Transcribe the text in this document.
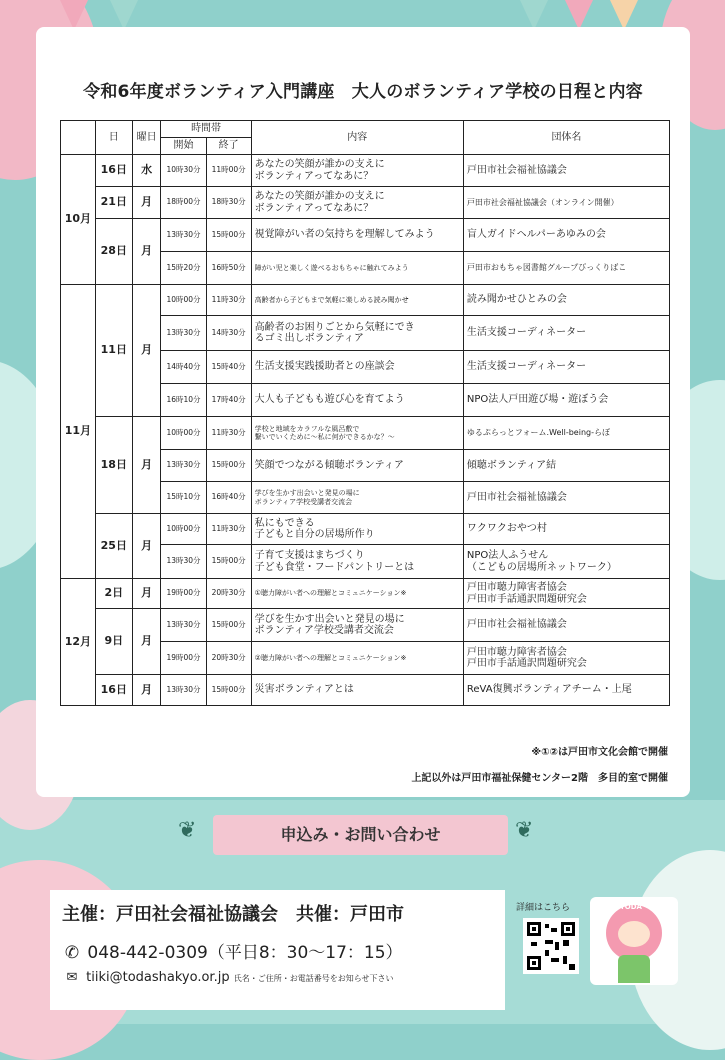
令和6年度ボランティア入門講座　大人のボランティア学校の日程と内容
	日	曜日	時間帯		内容	団体名
			開始	終了		
10月	16日	水	10時30分	11時00分	あなたの笑顔が誰かの支えに
ボランティアってなあに？	戸田市社会福祉協議会
	21日	月	18時00分	18時30分	あなたの笑顔が誰かの支えに
ボランティアってなあに？	戸田市社会福祉協議会（オンライン開催）
	28日	月	13時30分	15時00分	視覚障がい者の気持ちを理解してみよう	盲人ガイドヘルパーあゆみの会
			15時20分	16時50分	障がい児と楽しく遊べるおもちゃに触れてみよう	戸田市おもちゃ図書館グループびっくりばこ
11月	11日	月	10時00分	11時30分	高齢者から子どもまで気軽に楽しめる読み聞かせ	読み聞かせひとみの会
			13時30分	14時30分	高齢者のお困りごとから気軽にでき
るゴミ出しボランティア	生活支援コーディネーター
			14時40分	15時40分	生活支援実践援助者との座談会	生活支援コーディネーター
			16時10分	17時40分	大人も子どもも遊び心を育てよう	NPO法人戸田遊び場・遊ぼう会
	18日	月	10時00分	11時30分	学校と地域をカラフルな風呂敷で
繋いでいくために～私に何ができるかな？～	ゆるぷらっとフォーム.Well-being-らぼ
			13時30分	15時00分	笑顔でつながる傾聴ボランティア	傾聴ボランティア結
			15時10分	16時40分	学びを生かす出会いと発見の場に
ボランティア学校受講者交流会	戸田市社会福祉協議会
	25日	月	10時00分	11時30分	私にもできる
子どもと自分の居場所作り	ワクワクおやつ村
			13時30分	15時00分	子育て支援はまちづくり
子ども食堂・フードパントリーとは	NPO法人ふうせん
（こどもの居場所ネットワーク）
12月	2日	月	19時00分	20時30分	①聴力障がい者への理解とコミュニケーション※	戸田市聴力障害者協会
戸田市手話通訳問題研究会
	9日	月	13時30分	15時00分	学びを生かす出会いと発見の場に
ボランティア学校受講者交流会	戸田市社会福祉協議会
			19時00分	20時30分	②聴力障がい者への理解とコミュニケーション※	戸田市聴力障害者協会
戸田市手話通訳問題研究会
	16日	月	13時30分	15時00分	災害ボランティアとは	ReVA復興ボランティアチーム・上尾
※①②は戸田市文化会館で開催
上記以外は戸田市福祉保健センター2階　多目的室で開催
❦	申込み・お問い合わせ	❦
主催：戸田社会福祉協議会　共催：戸田市
✆ 048-442-0309（平日8：30～17：15）
✉ tiiki@todashakyo.or.jp 氏名・ご住所・お電話番号をお知らせ下さい
詳細はこちら	TODA
